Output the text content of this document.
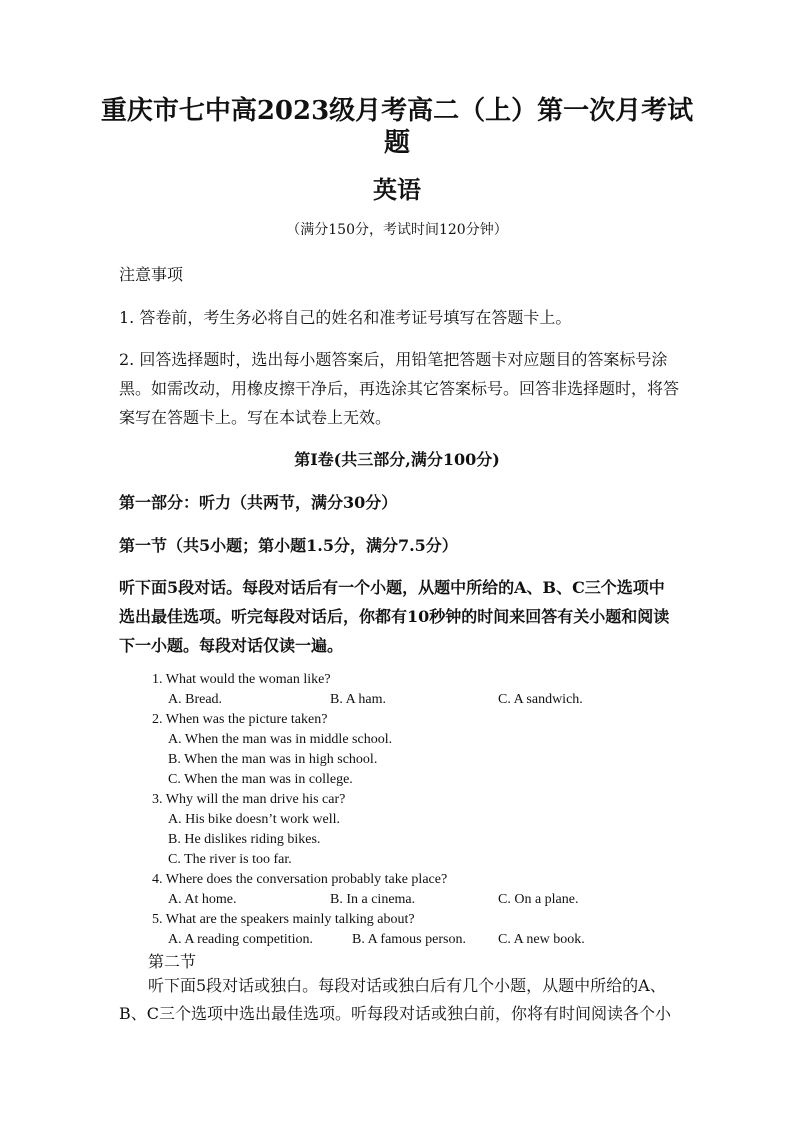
重庆市七中高2023级月考高二（上）第一次月考试
题
英语
（满分150分，考试时间120分钟）
注意事项
1. 答卷前，考生务必将自己的姓名和准考证号填写在答题卡上。
2. 回答选择题时，选出每小题答案后，用铅笔把答题卡对应题目的答案标号涂黑。如需改动，用橡皮擦干净后，再选涂其它答案标号。回答非选择题时，将答案写在答题卡上。写在本试卷上无效。
第I卷(共三部分,满分100分)
第一部分：听力（共两节，满分30分）
第一节（共5小题；第小题1.5分，满分7.5分）
听下面5段对话。每段对话后有一个小题，从题中所给的A、B、C三个选项中选出最佳选项。听完每段对话后，你都有10秒钟的时间来回答有关小题和阅读下一小题。每段对话仅读一遍。
1. What would the woman like?
A. Bread.	B. A ham.	C. A sandwich.
2. When was the picture taken?
A. When the man was in middle school.
B. When the man was in high school.
C. When the man was in college.
3. Why will the man drive his car?
A. His bike doesn’t work well.
B. He dislikes riding bikes.
C. The river is too far.
4. Where does the conversation probably take place?
A. At home.	B. In a cinema.	C. On a plane.
5. What are the speakers mainly talking about?
A. A reading competition.	B. A famous person. C. A new book.
第二节
听下面5段对话或独白。每段对话或独白后有几个小题，从题中所给的A、B、C三个选项中选出最佳选项。听每段对话或独白前，你将有时间阅读各个小
